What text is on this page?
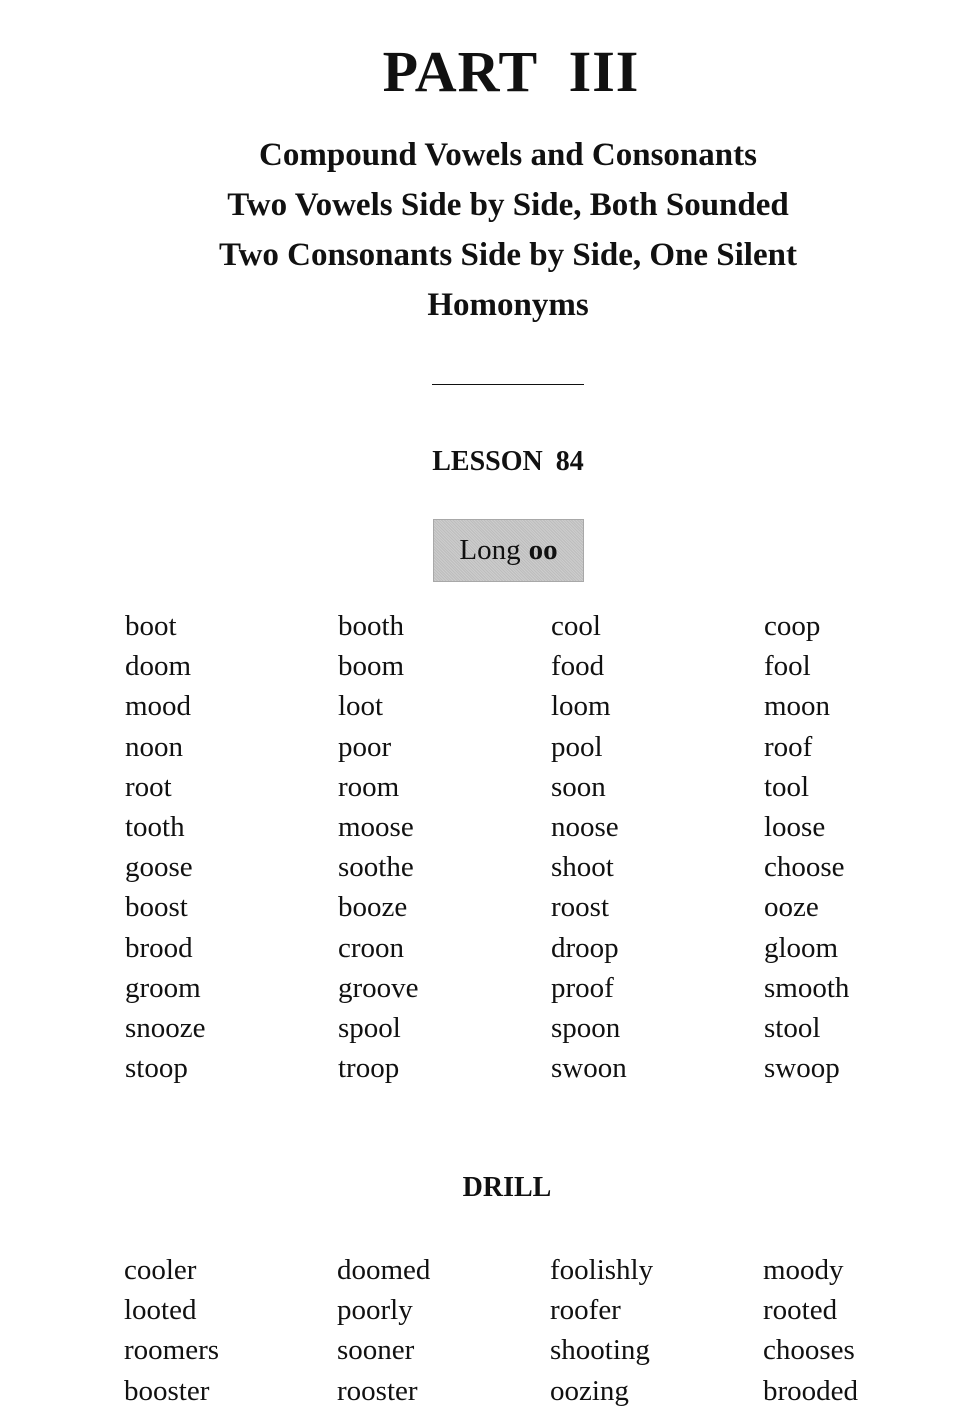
PART III
Compound Vowels and Consonants
Two Vowels Side by Side, Both Sounded
Two Consonants Side by Side, One Silent
Homonyms
LESSON 84
Long oo
boot	booth	cool	coop
doom	boom	food	fool
mood	loot	loom	moon
noon	poor	pool	roof
root	room	soon	tool
tooth	moose	noose	loose
goose	soothe	shoot	choose
boost	booze	roost	ooze
brood	croon	droop	gloom
groom	groove	proof	smooth
snooze	spool	spoon	stool
stoop	troop	swoon	swoop
DRILL
cooler	doomed	foolishly	moody
looted	poorly	roofer	rooted
roomers	sooner	shooting	chooses
booster	rooster	oozing	brooded
